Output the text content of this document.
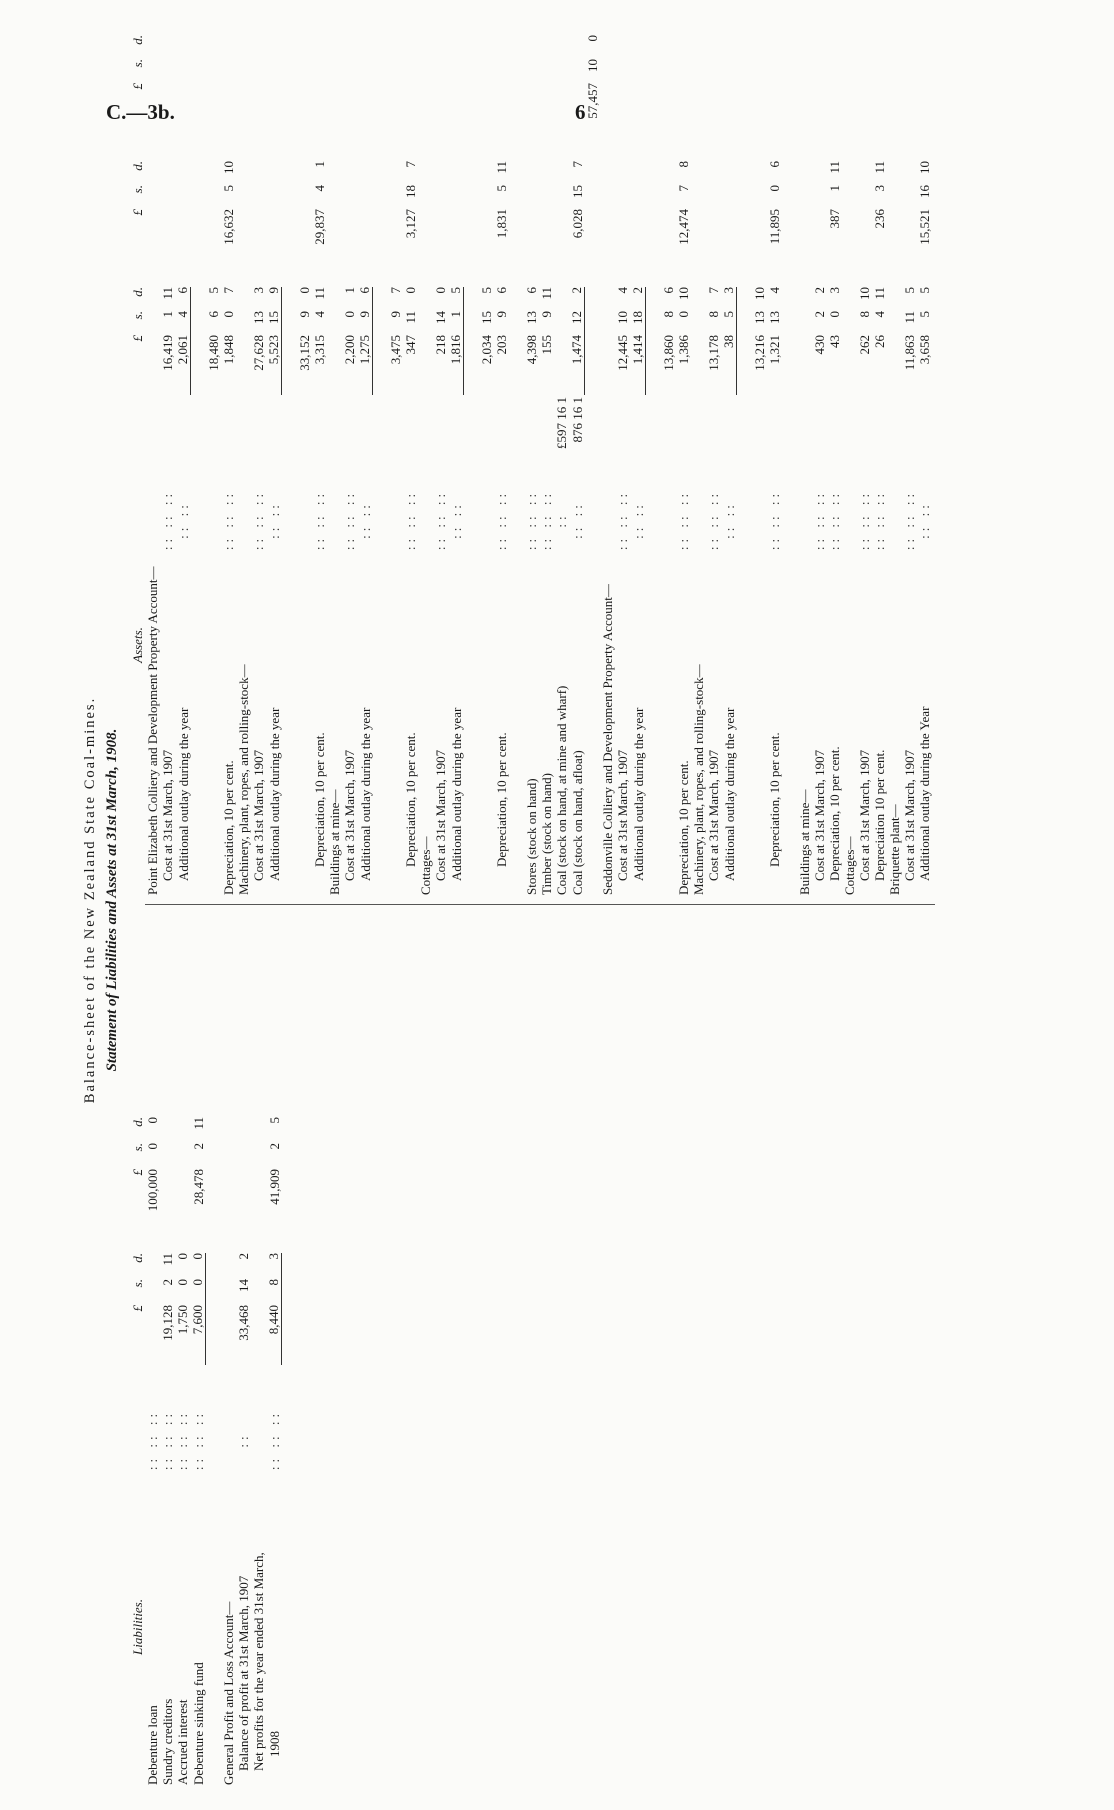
C.—3b.	6
Balance-sheet of the New Zealand State Coal-mines. Statement of Liabilities and Assets at 31st March, 1908.
Liabilities.		£	s.	d.		£	s.	d.
Debenture loan	:: :: ::					100,000	0	0
Sundry creditors	:: :: ::	19,128	2	11				
Accrued interest	:: :: ::	1,750	0	0				
Debenture sinking fund	:: :: ::	7,600	0	0		28,478	2	11

General Profit and Loss Account—								
Balance of profit at 31st March, 1907	::	33,468	14	2				
Net profits for the year ended 31st March,								
1908	:: :: ::	8,440	8	3		41,909	2	5
Assets.			£	s.	d.		£	s.	d.		£	s.	d.
Point Elizabeth Colliery and Development Property Account—													
Cost at 31st March, 1907	:: :: ::		16,419	1	11								
Additional outlay during the year	:: ::		2,061	4	6								

			18,480	6	5								
Depreciation, 10 per cent.	:: :: ::		1,848	0	7		16,632	5	10				
Machinery, plant, ropes, and rolling-stock—													
Cost at 31st March, 1907	:: :: ::		27,628	13	3								
Additional outlay during the year	:: ::		5,523	15	9								

			33,152	9	0								
Depreciation, 10 per cent.	:: :: ::		3,315	4	11		29,837	4	1				
Buildings at mine—													
Cost at 31st March, 1907	:: :: ::		2,200	0	1								
Additional outlay during the year	:: ::		1,275	9	6								

			3,475	9	7								
Depreciation, 10 per cent.	:: :: ::		347	11	0		3,127	18	7				
Cottages—													
Cost at 31st March, 1907	:: :: ::		218	14	0								
Additional outlay during the year	:: ::		1,816	1	5								

			2,034	15	5								
Depreciation, 10 per cent.	:: :: ::		203	9	6		1,831	5	11				

Stores (stock on hand)	:: :: ::		4,398	13	6								
Timber (stock on hand)	:: :: ::		155	9	11								
Coal (stock on hand, at mine and wharf)	::	£597 16 1											
Coal (stock on hand, afloat)	:: ::	876 16 1	1,474	12	2		6,028	15	7				
											57,457	10	0
Seddonville Colliery and Development Property Account—													
Cost at 31st March, 1907	:: :: ::		12,445	10	4								
Additional outlay during the year	:: ::		1,414	18	2								

			13,860	8	6								
Depreciation, 10 per cent.	:: :: ::		1,386	0	10		12,474	7	8				
Machinery, plant, ropes, and rolling-stock—													
Cost at 31st March, 1907	:: :: ::		13,178	8	7								
Additional outlay during the year	:: ::		38	5	3								

			13,216	13	10								
Depreciation, 10 per cent.	:: :: ::		1,321	13	4		11,895	0	6				

Buildings at mine—													
Cost at 31st March, 1907	:: :: ::		430	2	2								
Depreciation, 10 per cent.	:: :: ::		43	0	3		387	1	11				
Cottages—													
Cost at 31st March, 1907	:: :: ::		262	8	10								
Depreciation 10 per cent.	:: :: ::		26	4	11		236	3	11				
Briquette plant—													
Cost at 31st March, 1907	:: :: ::		11,863	11	5								
Additional outlay during the Year	:: ::		3,658	5	5		15,521	16	10				
